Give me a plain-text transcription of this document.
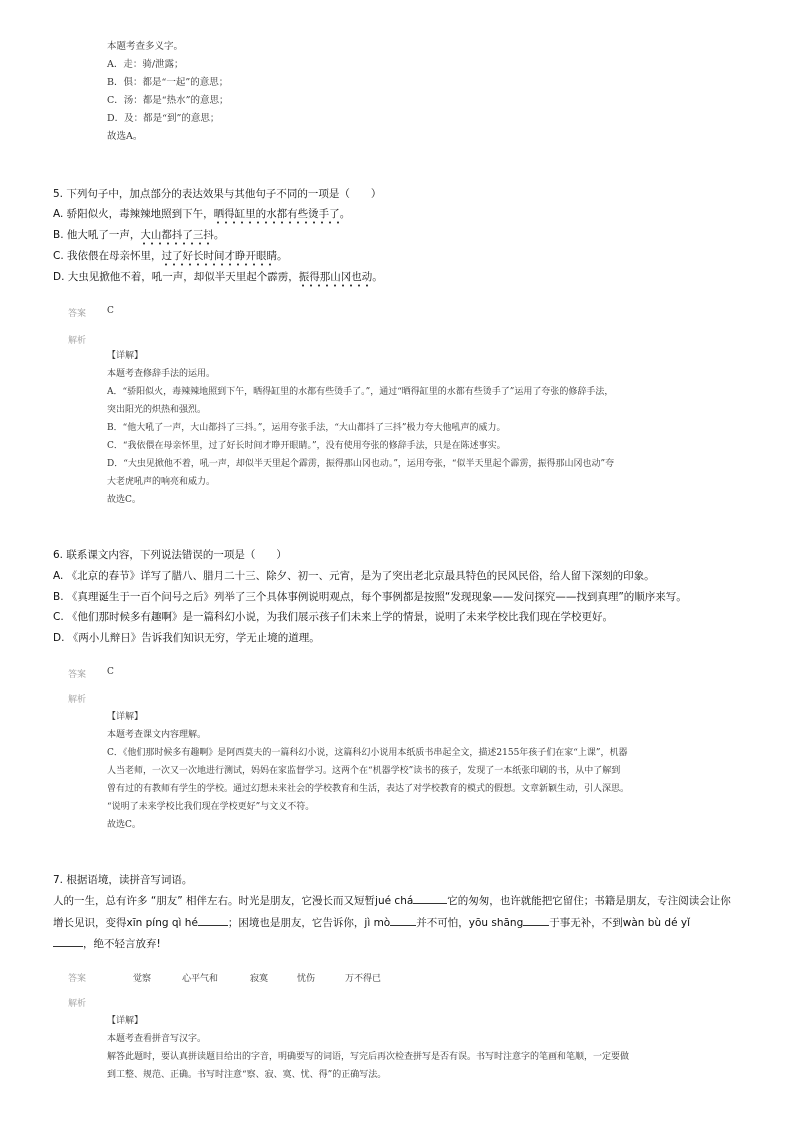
本题考查多义字。
A．走：骑/泄露；
B．俱：都是“一起”的意思；
C．汤：都是“热水”的意思；
D．及：都是“到”的意思；
故选A。
5. 下列句子中，加点部分的表达效果与其他句子不同的一项是（　　）
A. 骄阳似火，毒辣辣地照到下午，晒得缸里的水都有些烫手了。
B. 他大吼了一声，大山都抖了三抖。
C. 我依偎在母亲怀里，过了好长时间才睁开眼睛。
D. 大虫见掀他不着，吼一声，却似半天里起个霹雳，振得那山冈也动。
答案 C
解析
【详解】
本题考查修辞手法的运用。
A．“骄阳似火，毒辣辣地照到下午，晒得缸里的水都有些烫手了。”，通过“晒得缸里的水都有些烫手了”运用了夸张的修辞手法，
突出阳光的炽热和强烈。
B．“他大吼了一声，大山都抖了三抖。”，运用夸张手法，“大山都抖了三抖”极力夸大他吼声的威力。
C．“我依偎在母亲怀里，过了好长时间才睁开眼睛。”，没有使用夸张的修辞手法，只是在陈述事实。
D．“大虫见掀他不着，吼一声，却似半天里起个霹雳，振得那山冈也动。”，运用夸张，“似半天里起个霹雳，振得那山冈也动”夸
大老虎吼声的响亮和威力。
故选C。
6. 联系课文内容，下列说法错误的一项是（　　）
A. 《北京的春节》详写了腊八、腊月二十三、除夕、初一、元宵，是为了突出老北京最具特色的民风民俗，给人留下深刻的印象。
B. 《真理诞生于一百个问号之后》列举了三个具体事例说明观点，每个事例都是按照“发现现象——发问探究——找到真理”的顺序来写。
C. 《他们那时候多有趣啊》是一篇科幻小说，为我们展示孩子们未来上学的情景，说明了未来学校比我们现在学校更好。
D. 《两小儿辩日》告诉我们知识无穷，学无止境的道理。
答案 C
解析
【详解】
本题考查课文内容理解。
C．《他们那时候多有趣啊》是阿西莫夫的一篇科幻小说，这篇科幻小说用本纸质书串起全文，描述2155年孩子们在家“上课”，机器
人当老师，一次又一次地进行测试，妈妈在家监督学习。这两个在“机器学校”读书的孩子，发现了一本纸张印刷的书，从中了解到
曾有过的有教师有学生的学校。通过幻想未来社会的学校教育和生活，表达了对学校教育的模式的假想。文章新颖生动，引人深思。
“说明了未来学校比我们现在学校更好”与文义不符。
故选C。
7. 根据语境，读拼音写词语。
人的一生，总有许多 “朋友” 相伴左右。时光是朋友，它漫长而又短暂jué chá	它的匆匆，也许就能把它留住；书籍是朋友，专注阅读会让你
增长见识，变得xīn píng qì hé	；困境也是朋友，它告诉你，jì mò 并不可怕，yōu shāng 于事无补，不到wàn bù dé yǐ
，绝不轻言放弃!
答案	觉察	心平气和	寂寞	忧伤	万不得已
解析
【详解】
本题考查看拼音写汉字。
解答此题时，要认真拼读题目给出的字音，明确要写的词语，写完后再次检查拼写是否有误。书写时注意字的笔画和笔顺，一定要做
到工整、规范、正确。书写时注意“察、寂、寞、忧、得”的正确写法。
